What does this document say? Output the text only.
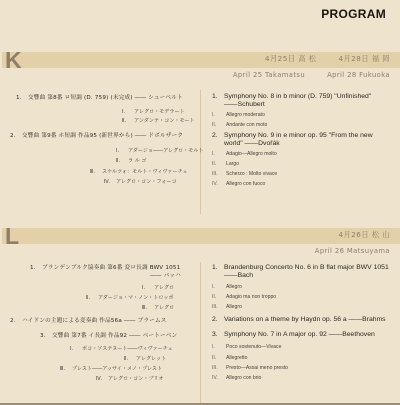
PROGRAM
K	4月25日 高 松	4月28日 福 岡
April 25 Takamatsu	April 28 Fukuoka
1. 交響曲 第8番 ロ短調 (D. 759) (未完成) ―― シューベルト
Ⅰ. アレグロ・モデラート
Ⅱ. アンダンテ・コン・モート
2. 交響曲 第9番 ホ短調 作品95 (新世界から) ―― ドボルザーク
Ⅰ. アダージョ――アレグロ・モルト
Ⅱ. ラ ル ゴ
Ⅲ. スケルツォ：モルト・ヴィヴァーチェ
Ⅳ. アレグロ・コン・フォーコ
1. Symphony No. 8 in b minor (D. 759) "Unfinished"
――Schubert
I. Allegro moderato
II. Andante con moto
2. Symphony No. 9 in e minor op. 95 "From the new
world" ――Dvořák
I. Adagio—Allegro molto
II. Largo
III. Scherzo : Molto vivace
IV. Allegro con fuoco
L	4月26日 松 山
April 26 Matsuyama
1. ブランデンブルク協奏曲 第6番 変ロ長調 BWV 1051
―― バッハ
Ⅰ. アレグロ
Ⅱ. アダージョ・マ・ノン・トロッポ
Ⅲ. アレグロ
2. ハイドンの主題による変奏曲 作品56a ―― ブラームス
3. 交響曲 第7番 イ長調 作品92 ―― ベートーベン
Ⅰ. ポコ・ソステヌート――ヴィヴァーチェ
Ⅱ. アレグレット
Ⅲ. プレスト――アッサイ・メノ・プレスト
Ⅳ. アレグロ・コン・ブリオ
1. Brandenburg Concerto No. 6 in B flat major BWV 1051
――Bach
I. Allegro
II. Adagio ma non troppo
III. Allegro
2. Variations on a theme by Haydn op. 56 a ――Brahms
3. Symphony No. 7 in A major op. 92 ――Beethoven
I. Poco sostenuto—Vivace
II. Allegretto
III. Presto—Assai meno presto
IV. Allegro con brio
